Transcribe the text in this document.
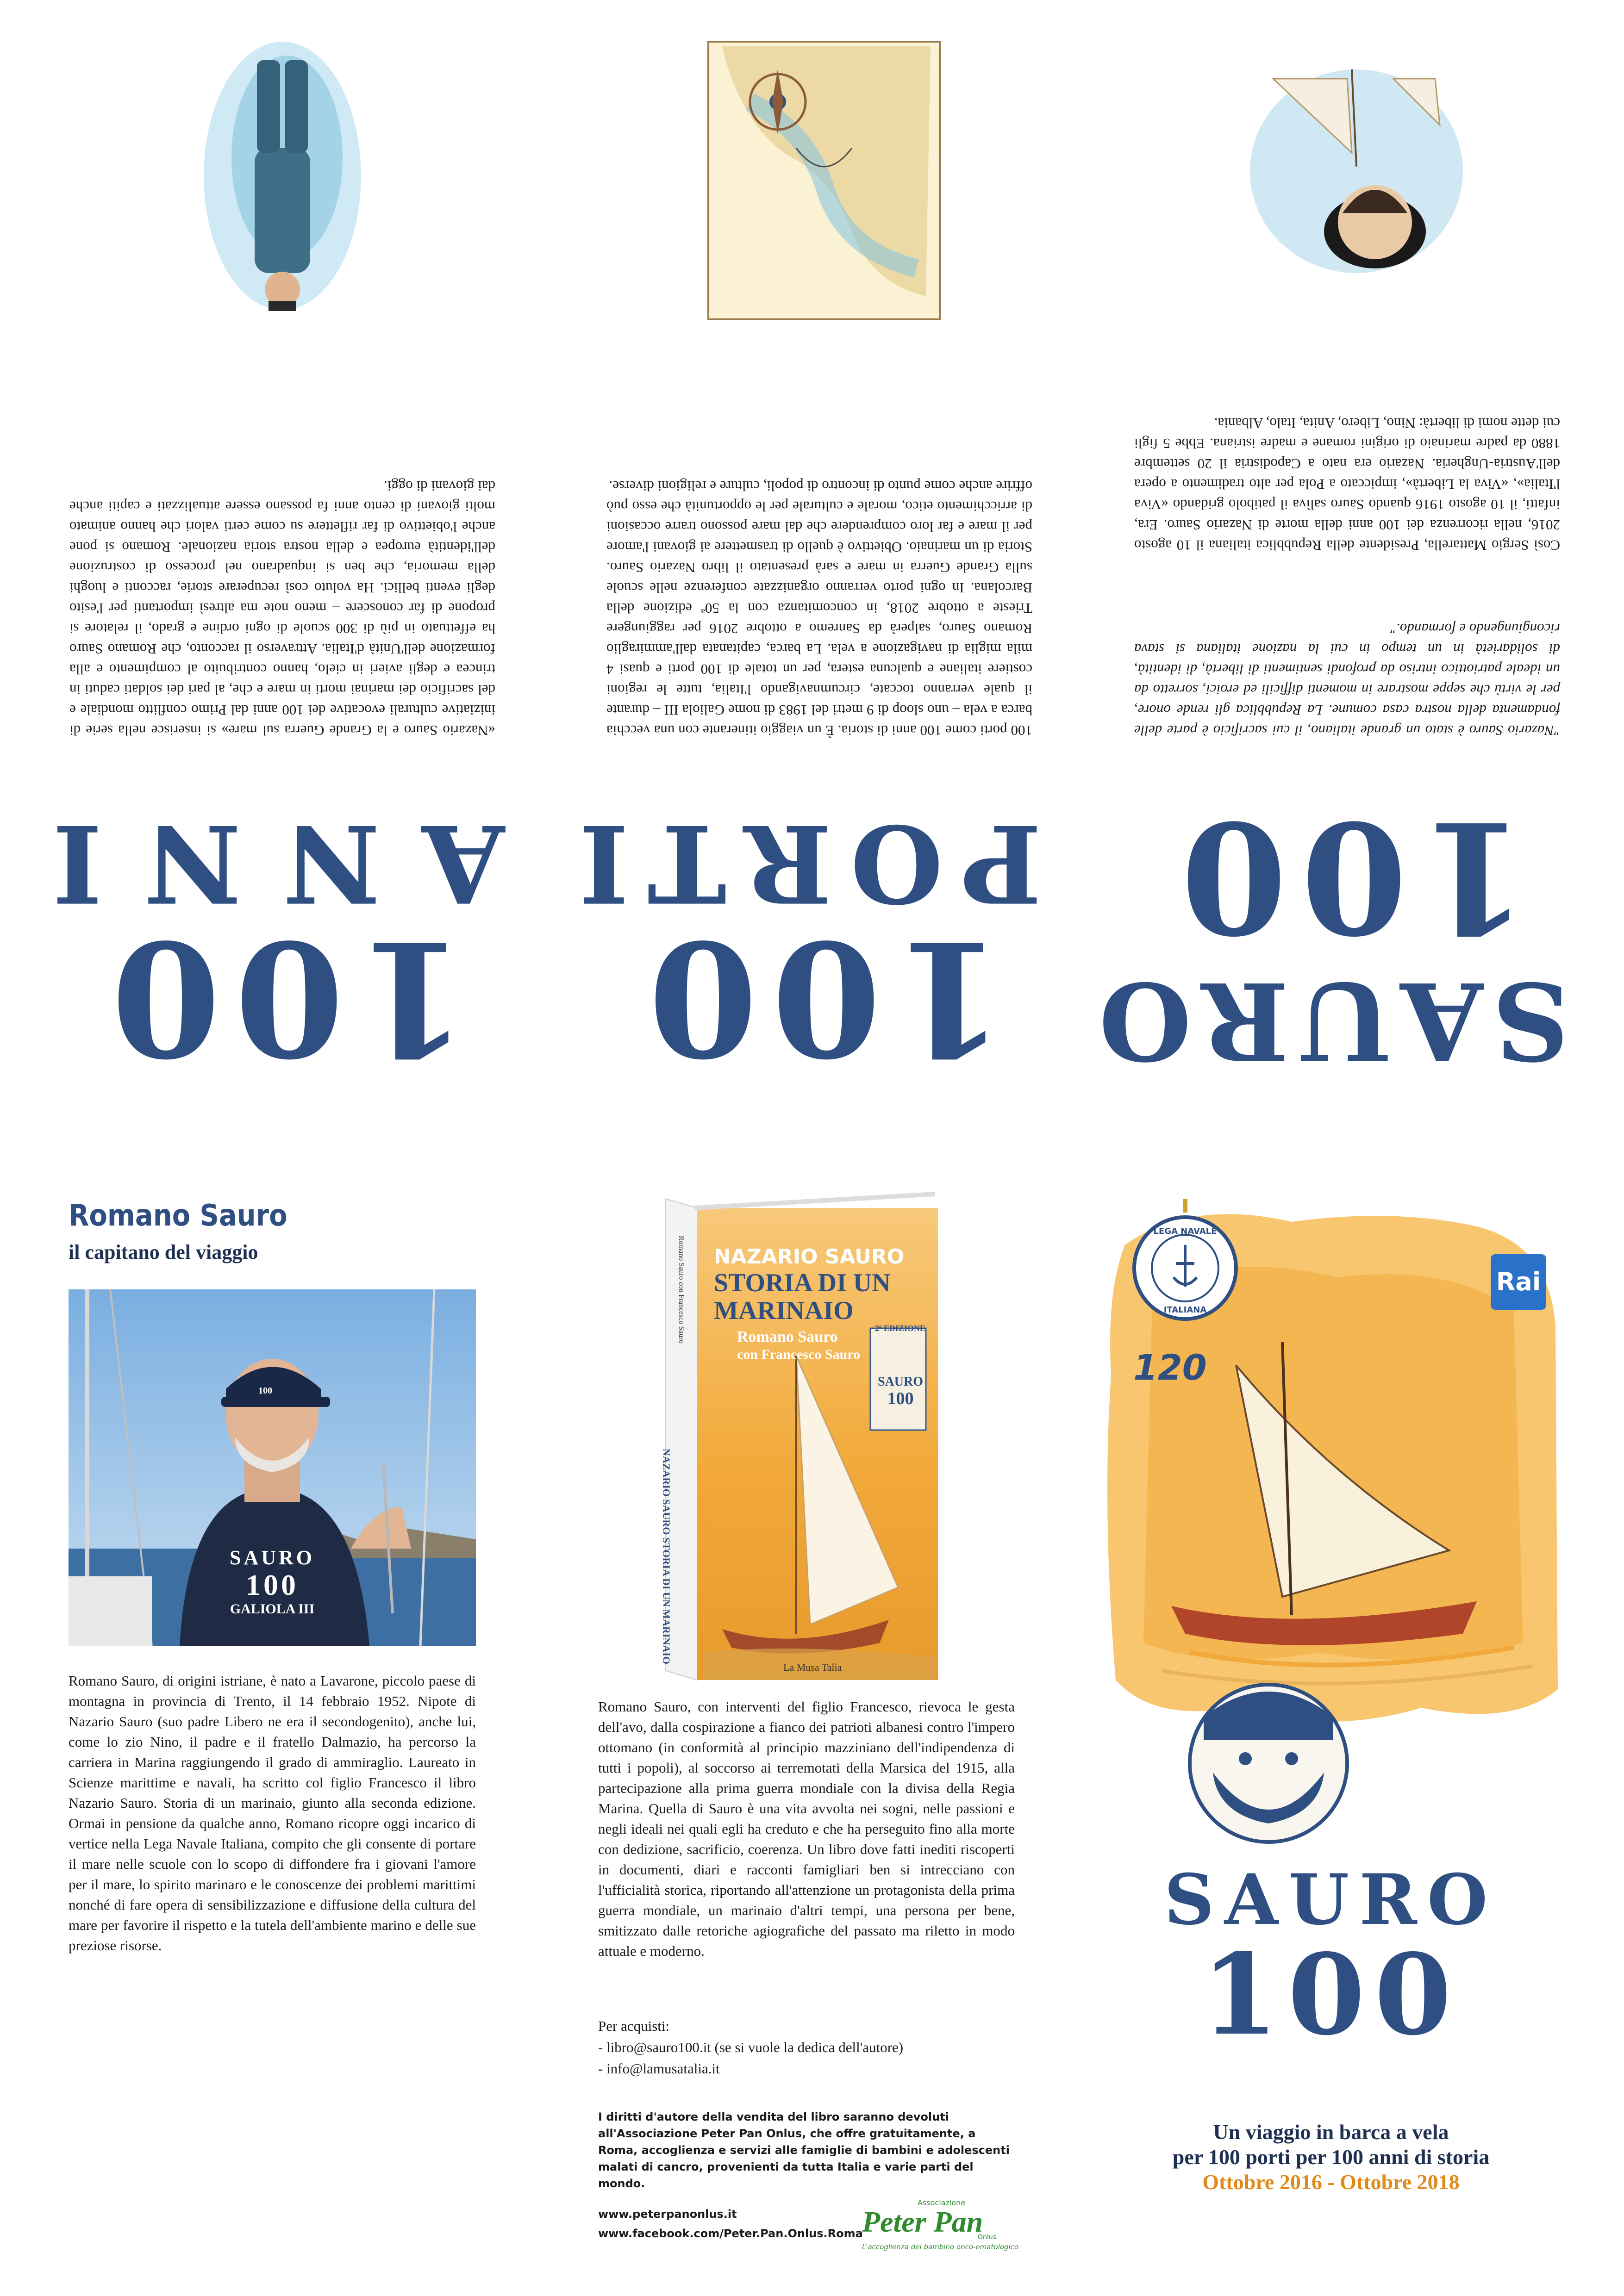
100
ANNI
«Nazario Sauro e la Grande Guerra sul mare» si inserisce nella serie di iniziative culturali evocative dei 100 anni dal Primo conflitto mondiale e del sacrificio dei marinai morti in mare e che, al pari dei soldati caduti in trincea e degli avieri in cielo, hanno contribuito al compimento e alla formazione dell'Unità d'Italia. Attraverso il racconto, che Romano Sauro ha effettuato in più di 300 scuole di ogni ordine e grado, il relatore si propone di far conoscere – meno note ma altresì importanti per l'esito degli eventi bellici. Ha voluto così recuperare storie, racconti e luoghi della memoria, che ben si inquadrano nel processo di costruzione dell'identità europea e della nostra storia nazionale. Romano si pone anche l'obiettivo di far riflettere su come certi valori che hanno animato molti giovani di cento anni fa possano essere attualizzati e capiti anche dai giovani di oggi.
100
PORTI
100 porti come 100 anni di storia. È un viaggio itinerante con una vecchia barca a vela – uno sloop di 9 metri del 1983 di nome Galiola III – durante il quale verranno toccate, circumnavigando l'Italia, tutte le regioni costiere italiane e qualcuna estera, per un totale di 100 porti e quasi 4 mila miglia di navigazione a vela. La barca, capitanata dall'ammiraglio Romano Sauro, salperà da Sanremo a ottobre 2016 per raggiungere Trieste a ottobre 2018, in concomitanza con la 50ª edizione della Barcolana. In ogni porto verranno organizzate conferenze nelle scuole sulla Grande Guerra in mare e sarà presentato il libro Nazario Sauro. Storia di un marinaio. Obiettivo è quello di trasmettere ai giovani l'amore per il mare e far loro comprendere che dal mare possono trarre occasioni di arricchimento etico, morale e culturale per le opportunità che esso può offrire anche come punto di incontro di popoli, culture e religioni diverse.
SAURO
100
"Nazario Sauro è stato un grande italiano, il cui sacrificio è parte delle fondamenta della nostra casa comune. La Repubblica gli rende onore, per le virtù che seppe mostrare in momenti difficili ed eroici, sorretto da un ideale patriottico intriso da profondi sentimenti di libertà, di identità, di solidarietà in un tempo in cui la nazione italiana si stava ricongiungendo e formando."
Così Sergio Mattarella, Presidente della Repubblica italiana il 10 agosto 2016, nella ricorrenza dei 100 anni della morte di Nazario Sauro. Era, infatti, il 10 agosto 1916 quando Sauro salìva il patibolo gridando «Viva l'Italia», «Viva la Libertà», impiccato a Pola per alto tradimento a opera dell'Austria-Ungheria. Nazario era nato a Capodistria il 20 settembre 1880 da padre marinaio di origini romane e madre istriana. Ebbe 5 figli cui dette nomi di libertà: Nino, Libero, Anita, Italo, Albania.
Romano Sauro
il capitano del viaggio
100
SAURO
100
GALIOLA III
Romano Sauro, di origini istriane, è nato a Lavarone, piccolo paese di montagna in provincia di Trento, il 14 febbraio 1952. Nipote di Nazario Sauro (suo padre Libero ne era il secondogenito), anche lui, come lo zio Nino, il padre e il fratello Dalmazio, ha percorso la carriera in Marina raggiungendo il grado di ammiraglio. Laureato in Scienze marittime e navali, ha scritto col figlio Francesco il libro Nazario Sauro. Storia di un marinaio, giunto alla seconda edizione. Ormai in pensione da qualche anno, Romano ricopre oggi incarico di vertice nella Lega Navale Italiana, compito che gli consente di portare il mare nelle scuole con lo scopo di diffondere fra i giovani l'amore per il mare, lo spirito marinaro e le conoscenze dei problemi marittimi nonché di fare opera di sensibilizzazione e diffusione della cultura del mare per favorire il rispetto e la tutela dell'ambiente marino e delle sue preziose risorse.
NAZARIO SAURO
STORIA DI UN
MARINAIO
Romano Sauro
con Francesco Sauro
2ª EDIZIONE
SAURO
100
La Musa Talìa
NAZARIO SAURO STORIA DI UN MARINAIO
Romano Sauro con Francesco Sauro
Romano Sauro, con interventi del figlio Francesco, rievoca le gesta dell'avo, dalla cospirazione a fianco dei patrioti albanesi contro l'impero ottomano (in conformità al principio mazziniano dell'indipendenza di tutti i popoli), al soccorso ai terremotati della Marsica del 1915, alla partecipazione alla prima guerra mondiale con la divisa della Regia Marina. Quella di Sauro è una vita avvolta nei sogni, nelle passioni e negli ideali nei quali egli ha creduto e che ha perseguito fino alla morte con dedizione, sacrificio, coerenza. Un libro dove fatti inediti riscoperti in documenti, diari e racconti famigliari ben si intrecciano con l'ufficialità storica, riportando all'attenzione un protagonista della prima guerra mondiale, un marinaio d'altri tempi, una persona per bene, smitizzato dalle retoriche agiografiche del passato ma riletto in modo attuale e moderno.
Per acquisti:
- libro@sauro100.it (se si vuole la dedica dell'autore)
- info@lamusatalia.it
I diritti d'autore della vendita del libro saranno devoluti all'Associazione Peter Pan Onlus, che offre gratuitamente, a Roma, accoglienza e servizi alle famiglie di bambini e adolescenti malati di cancro, provenienti da tutta Italia e varie parti del mondo.
www.peterpanonlus.it
www.facebook.com/Peter.Pan.Onlus.Roma
Associazione
Peter Pan
Onlus
L'accoglienza del bambino onco-ematologico
LEGA NAVALE
ITALIANA
120
Rai
SAURO
100
Un viaggio in barca a vela
per 100 porti per 100 anni di storia
Ottobre 2016 - Ottobre 2018
